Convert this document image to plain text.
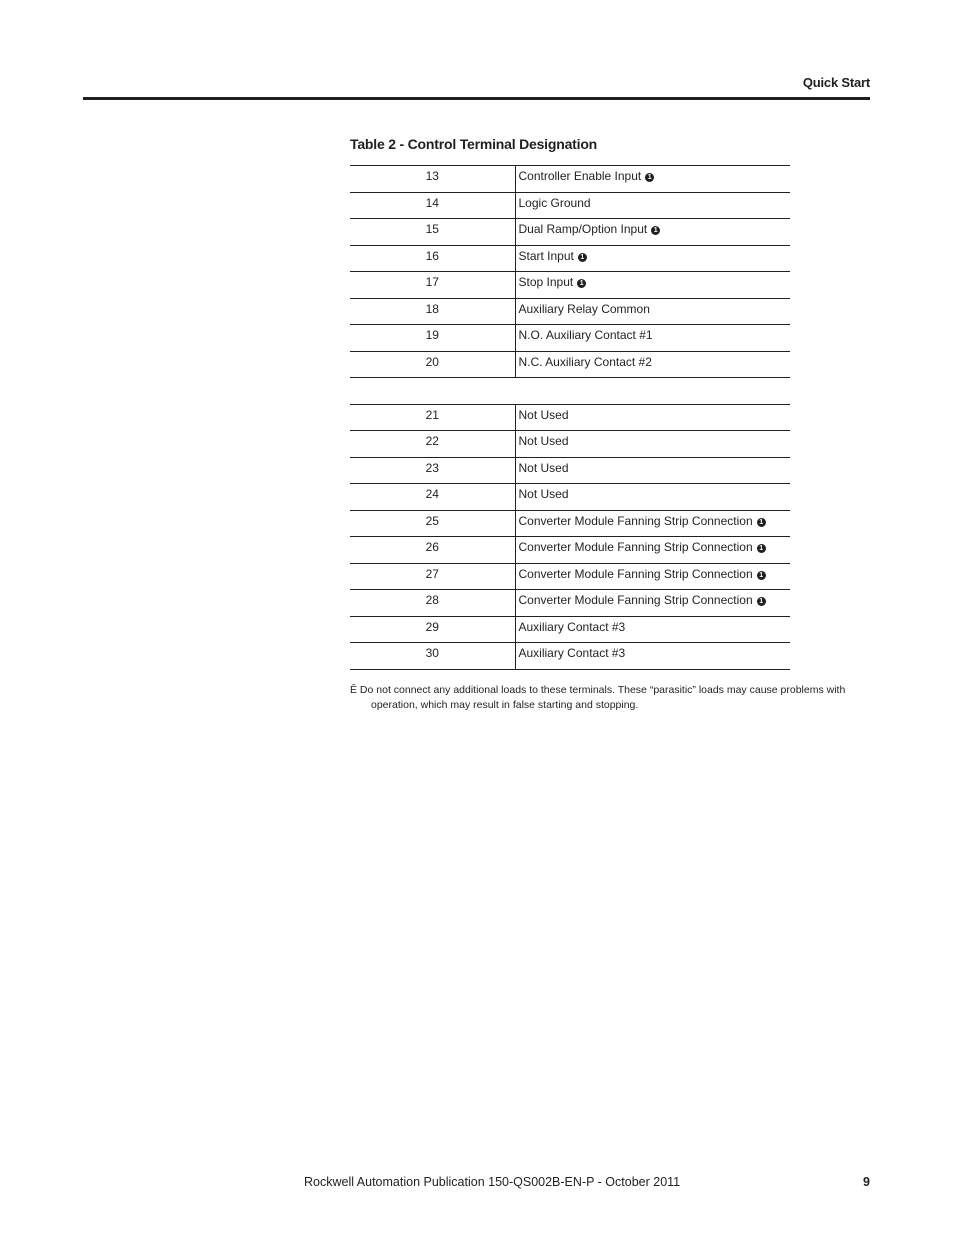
Quick Start
Table 2 - Control Terminal Designation
13	Controller Enable Input 1
14	Logic Ground
15	Dual Ramp/Option Input 1
16	Start Input 1
17	Stop Input 1
18	Auxiliary Relay Common
19	N.O. Auxiliary Contact #1
20	N.C. Auxiliary Contact #2

21	Not Used
22	Not Used
23	Not Used
24	Not Used
25	Converter Module Fanning Strip Connection 1
26	Converter Module Fanning Strip Connection 1
27	Converter Module Fanning Strip Connection 1
28	Converter Module Fanning Strip Connection 1
29	Auxiliary Contact #3
30	Auxiliary Contact #3
Ê Do not connect any additional loads to these terminals. These “parasitic” loads may cause problems with
operation, which may result in false starting and stopping.
Rockwell Automation Publication 150-QS002B-EN-P - October 2011	9
